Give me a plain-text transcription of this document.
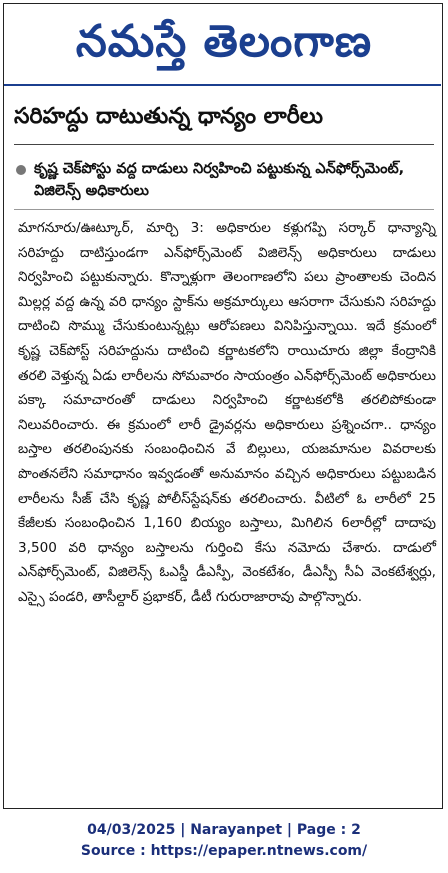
నమస్తే తెలంగాణ
సరిహద్దు దాటుతున్న ధాన్యం లారీలు
కృష్ణ చెక్‌పోస్టు వద్ద దాడులు నిర్వహించి పట్టుకున్న ఎన్‌ఫోర్స్‌మెంట్‌, విజిలెన్స్‌ అధికారులు
మాగనూరు/ఊట్కూర్‌, మార్చి 3: అధికారుల కళ్లుగప్పి సర్కార్‌ ధాన్యాన్ని సరిహద్దు దాటిస్తుండగా ఎన్‌ఫోర్స్‌మెంట్‌ విజిలెన్స్‌ అధికారులు దాడులు నిర్వహించి పట్టుకున్నారు. కొన్నాళ్లుగా తెలంగాణలోని పలు ప్రాంతాలకు చెందిన మిల్లర్ల వద్ద ఉన్న వరి ధాన్యం స్టాక్‌ను అక్రమార్కులు ఆసరాగా చేసుకుని సరిహద్దు దాటించి సొమ్ము చేసుకుంటున్నట్లు ఆరోపణలు వినిపిస్తున్నాయి. ఇదే క్రమంలో కృష్ణ చెక్‌పోస్ట్‌ సరిహద్దును దాటించి కర్ణాటకలోని రాయిచూరు జిల్లా కేంద్రానికి తరలి వెళ్తున్న ఏడు లారీలను సోమవారం సాయంత్రం ఎన్‌ఫోర్స్‌మెంట్‌ అధికారులు పక్కా సమాచారంతో దాడులు నిర్వహించి కర్ణాటకలోకి తరలిపోకుండా నిలువరించారు. ఈ క్రమంలో లారీ డ్రైవర్లను అధికారులు ప్రశ్నించగా.. ధాన్యం బస్తాల తరలింపునకు సంబంధించిన వే బిల్లులు, యజమానుల వివరాలకు పొంతనలేని సమాధానం ఇవ్వడంతో అనుమానం వచ్చిన అధికారులు పట్టుబడిన లారీలను సీజ్‌ చేసి కృష్ణ పోలీస్‌స్టేషన్‌కు తరలించారు. వీటిలో ఓ లారీలో 25 కేజీలకు సంబంధించిన 1,160 బియ్యం బస్తాలు, మిగిలిన 6లారీల్లో దాదాపు 3,500 వరి ధాన్యం బస్తాలను గుర్తించి కేసు నమోదు చేశారు. దాడులో ఎన్‌ఫోర్స్‌మెంట్‌, విజిలెన్స్‌ ఓఎస్డీ డీఎస్పీ, వెంకటేశం, డీఎస్పీ సీఏ వెంకటేశ్వర్లు, ఎస్సై పండరి, తాసీల్దార్‌ ప్రభాకర్‌, డీటీ గురురాజారావు పాల్గొన్నారు.
04/03/2025 | Narayanpet | Page : 2
Source : https://epaper.ntnews.com/
